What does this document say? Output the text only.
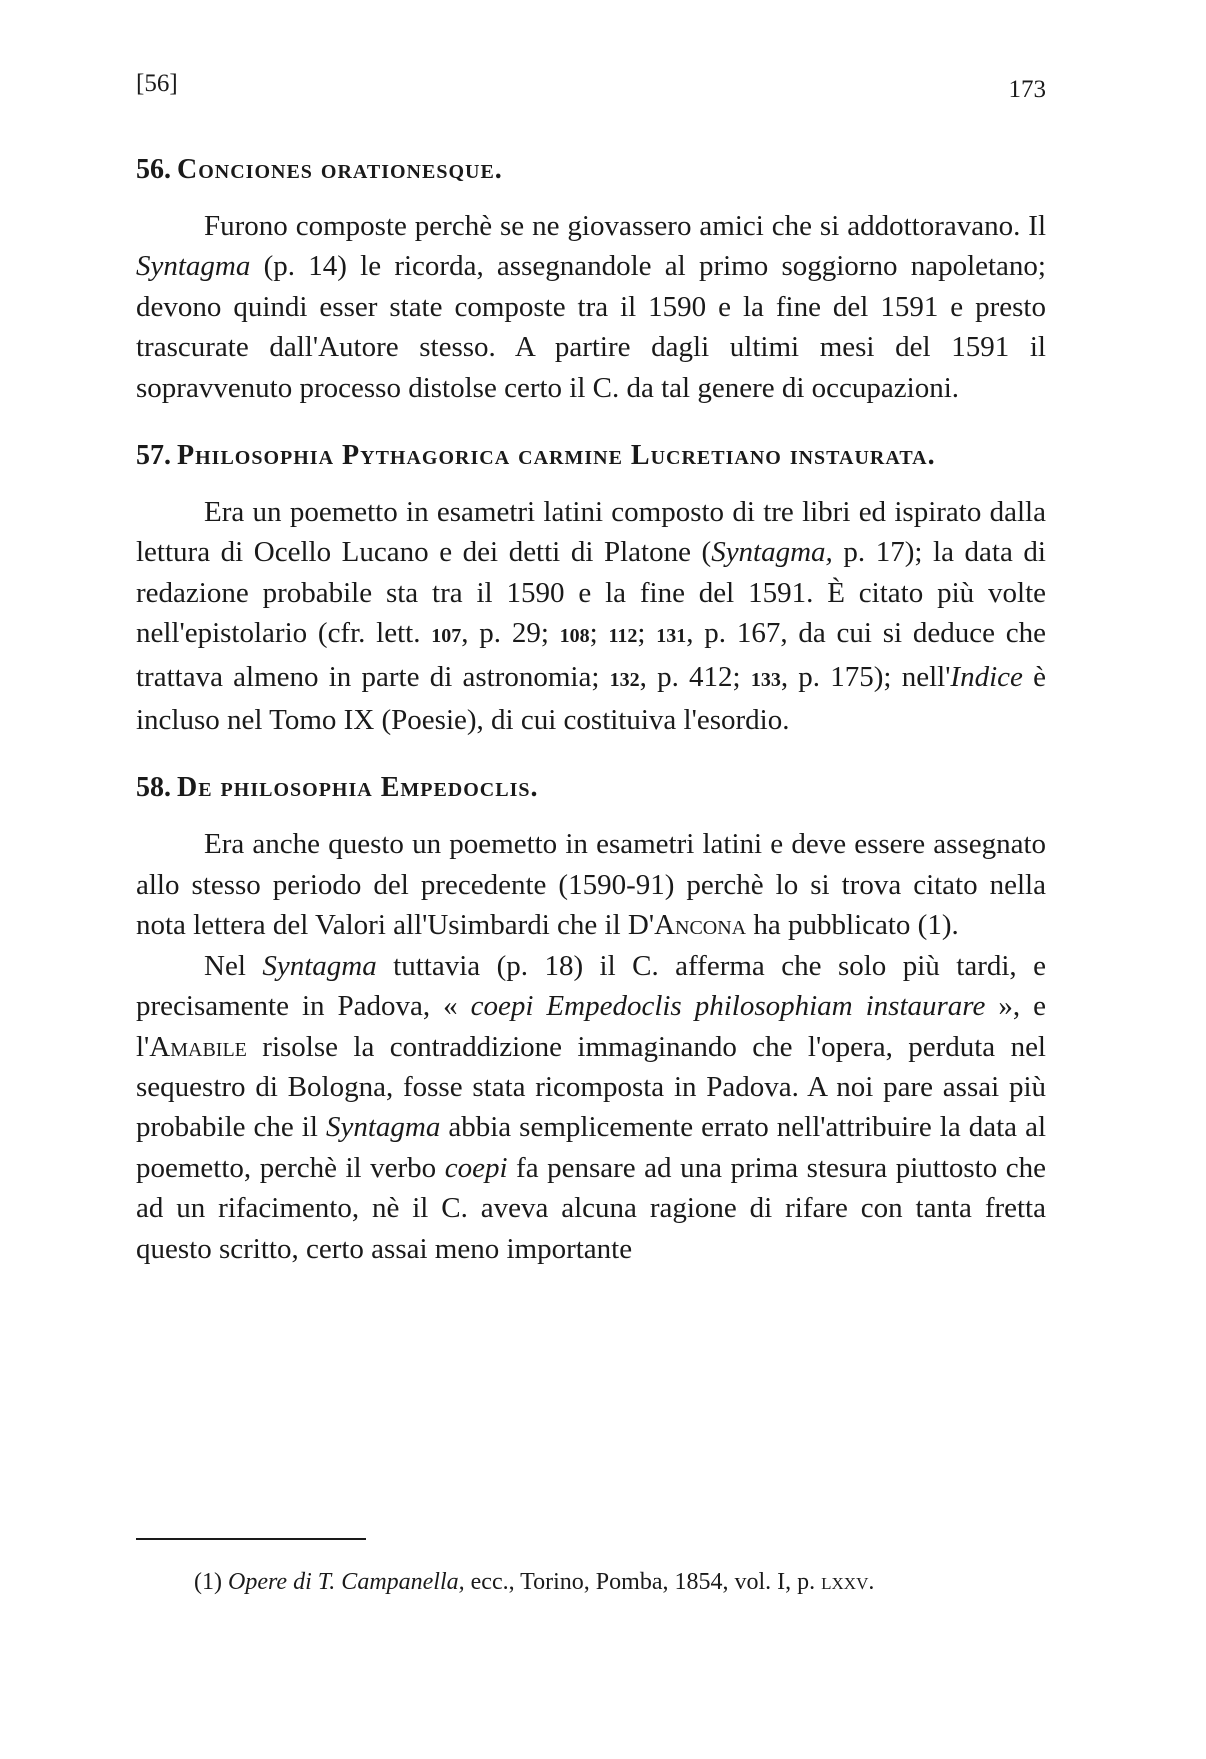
[56]	173
56. Conciones orationesque.

Furono composte perchè se ne giovassero amici che si addottoravano. Il Syntagma (p. 14) le ricorda, assegnandole al primo soggiorno napoletano; devono quindi esser state composte tra il 1590 e la fine del 1591 e presto trascurate dall'Autore stesso. A partire dagli ultimi mesi del 1591 il sopravvenuto processo distolse certo il C. da tal genere di occupazioni.

57. Philosophia Pythagorica carmine Lucretiano instaurata.

Era un poemetto in esametri latini composto di tre libri ed ispirato dalla lettura di Ocello Lucano e dei detti di Platone (Syntagma, p. 17); la data di redazione probabile sta tra il 1590 e la fine del 1591. È citato più volte nell'epistolario (cfr. lett. 107, p. 29; 108; 112; 131, p. 167, da cui si deduce che trattava almeno in parte di astronomia; 132, p. 412; 133, p. 175); nell'Indice è incluso nel Tomo IX (Poesie), di cui costituiva l'esordio.

58. De philosophia Empedoclis.

Era anche questo un poemetto in esametri latini e deve essere assegnato allo stesso periodo del precedente (1590-91) perchè lo si trova citato nella nota lettera del Valori all'Usimbardi che il D'Ancona ha pubblicato (1).

Nel Syntagma tuttavia (p. 18) il C. afferma che solo più tardi, e precisamente in Padova, « coepi Empedoclis philosophiam instaurare », e l'Amabile risolse la contraddizione immaginando che l'opera, perduta nel sequestro di Bologna, fosse stata ricomposta in Padova. A noi pare assai più probabile che il Syntagma abbia semplicemente errato nell'attribuire la data al poemetto, perchè il verbo coepi fa pensare ad una prima stesura piuttosto che ad un rifacimento, nè il C. aveva alcuna ragione di rifare con tanta fretta questo scritto, certo assai meno importante

(1) Opere di T. Campanella, ecc., Torino, Pomba, 1854, vol. I, p. lxxv.
